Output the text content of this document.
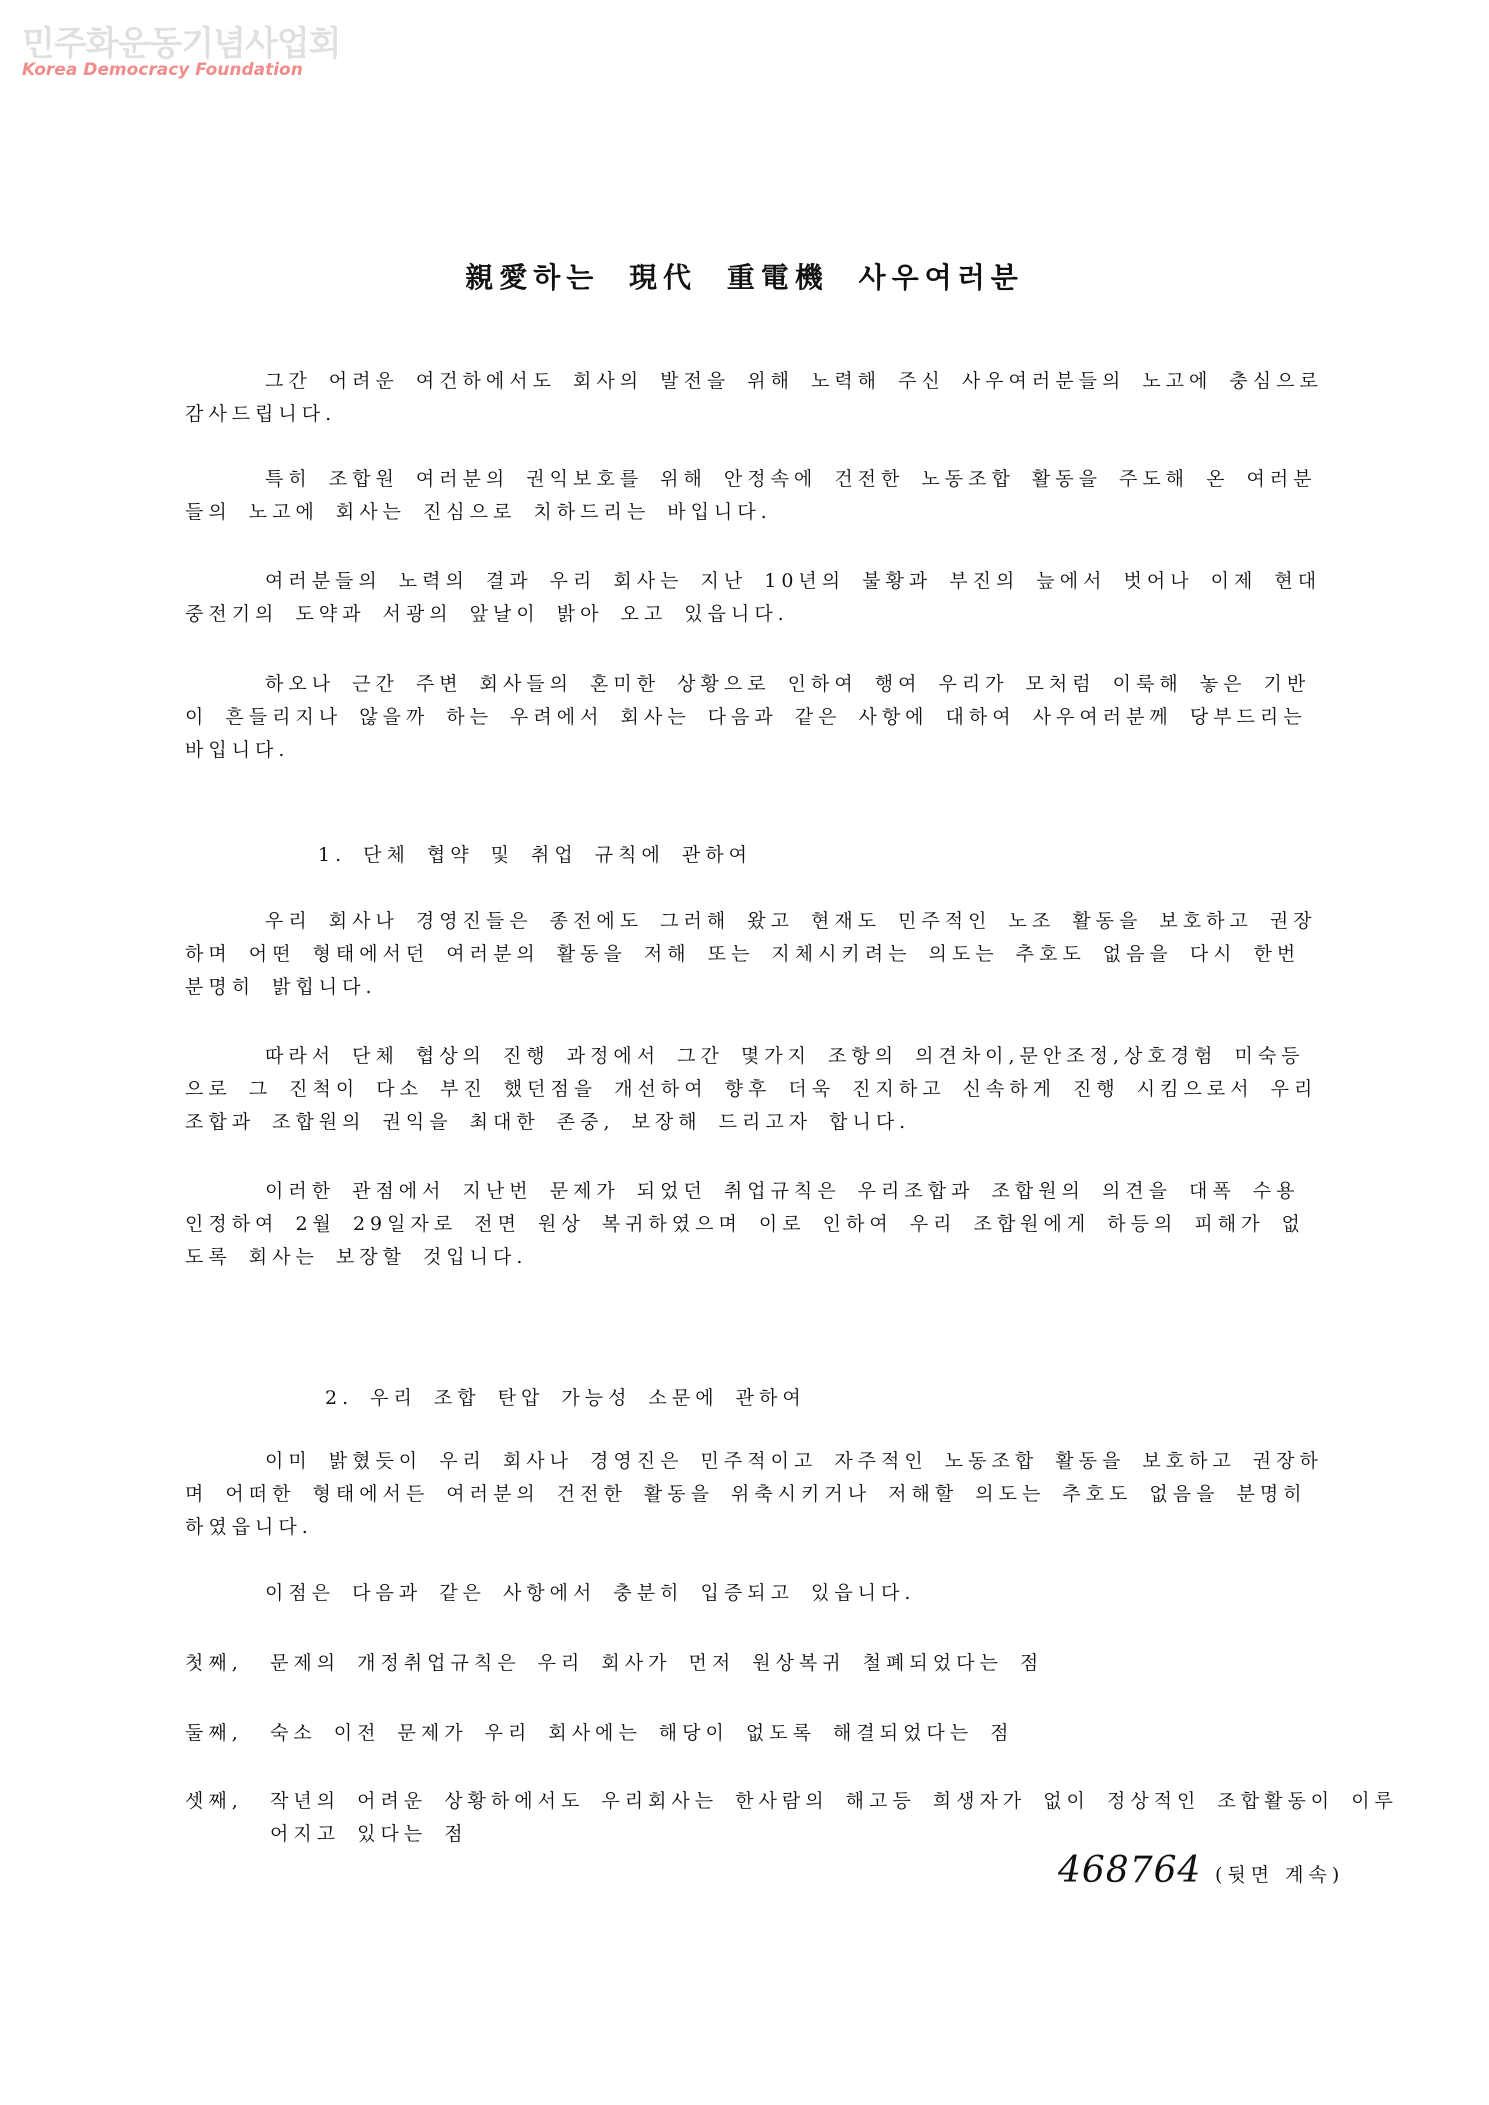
민주화운동기념사업회
Korea Democracy Foundation
親愛하는 現代 重電機 사우여러분
그간 어려운 여건하에서도 회사의 발전을 위해 노력해 주신 사우여러분들의 노고에 충심으로 감사드립니다.
특히 조합원 여러분의 권익보호를 위해 안정속에 건전한 노동조합 활동을 주도해 온 여러분들의 노고에 회사는 진심으로 치하드리는 바입니다.
여러분들의 노력의 결과 우리 회사는 지난 10년의 불황과 부진의 늪에서 벗어나 이제 현대중전기의 도약과 서광의 앞날이 밝아 오고 있읍니다.
하오나 근간 주변 회사들의 혼미한 상황으로 인하여 행여 우리가 모처럼 이룩해 놓은 기반이 흔들리지나 않을까 하는 우려에서 회사는 다음과 같은 사항에 대하여 사우여러분께 당부드리는 바입니다.
1. 단체 협약 및 취업 규칙에 관하여
우리 회사나 경영진들은 종전에도 그러해 왔고 현재도 민주적인 노조 활동을 보호하고 권장하며 어떤 형태에서던 여러분의 활동을 저해 또는 지체시키려는 의도는 추호도 없음을 다시 한번 분명히 밝힙니다.
따라서 단체 협상의 진행 과정에서 그간 몇가지 조항의 의견차이,문안조정,상호경험 미숙등으로 그 진척이 다소 부진 했던점을 개선하여 향후 더욱 진지하고 신속하게 진행 시킴으로서 우리 조합과 조합원의 권익을 최대한 존중, 보장해 드리고자 합니다.
이러한 관점에서 지난번 문제가 되었던 취업규칙은 우리조합과 조합원의 의견을 대폭 수용 인정하여 2월 29일자로 전면 원상 복귀하였으며 이로 인하여 우리 조합원에게 하등의 피해가 없도록 회사는 보장할 것입니다.
2. 우리 조합 탄압 가능성 소문에 관하여
이미 밝혔듯이 우리 회사나 경영진은 민주적이고 자주적인 노동조합 활동을 보호하고 권장하며 어떠한 형태에서든 여러분의 건전한 활동을 위축시키거나 저해할 의도는 추호도 없음을 분명히 하였읍니다.
이점은 다음과 같은 사항에서 충분히 입증되고 있읍니다.
첫째, 문제의 개정취업규칙은 우리 회사가 먼저 원상복귀 철폐되었다는 점
둘째, 숙소 이전 문제가 우리 회사에는 해당이 없도록 해결되었다는 점
셋째, 작년의 어려운 상황하에서도 우리회사는 한사람의 해고등 희생자가 없이 정상적인 조합활동이 이루어지고 있다는 점
468764 (뒷면 계속)
